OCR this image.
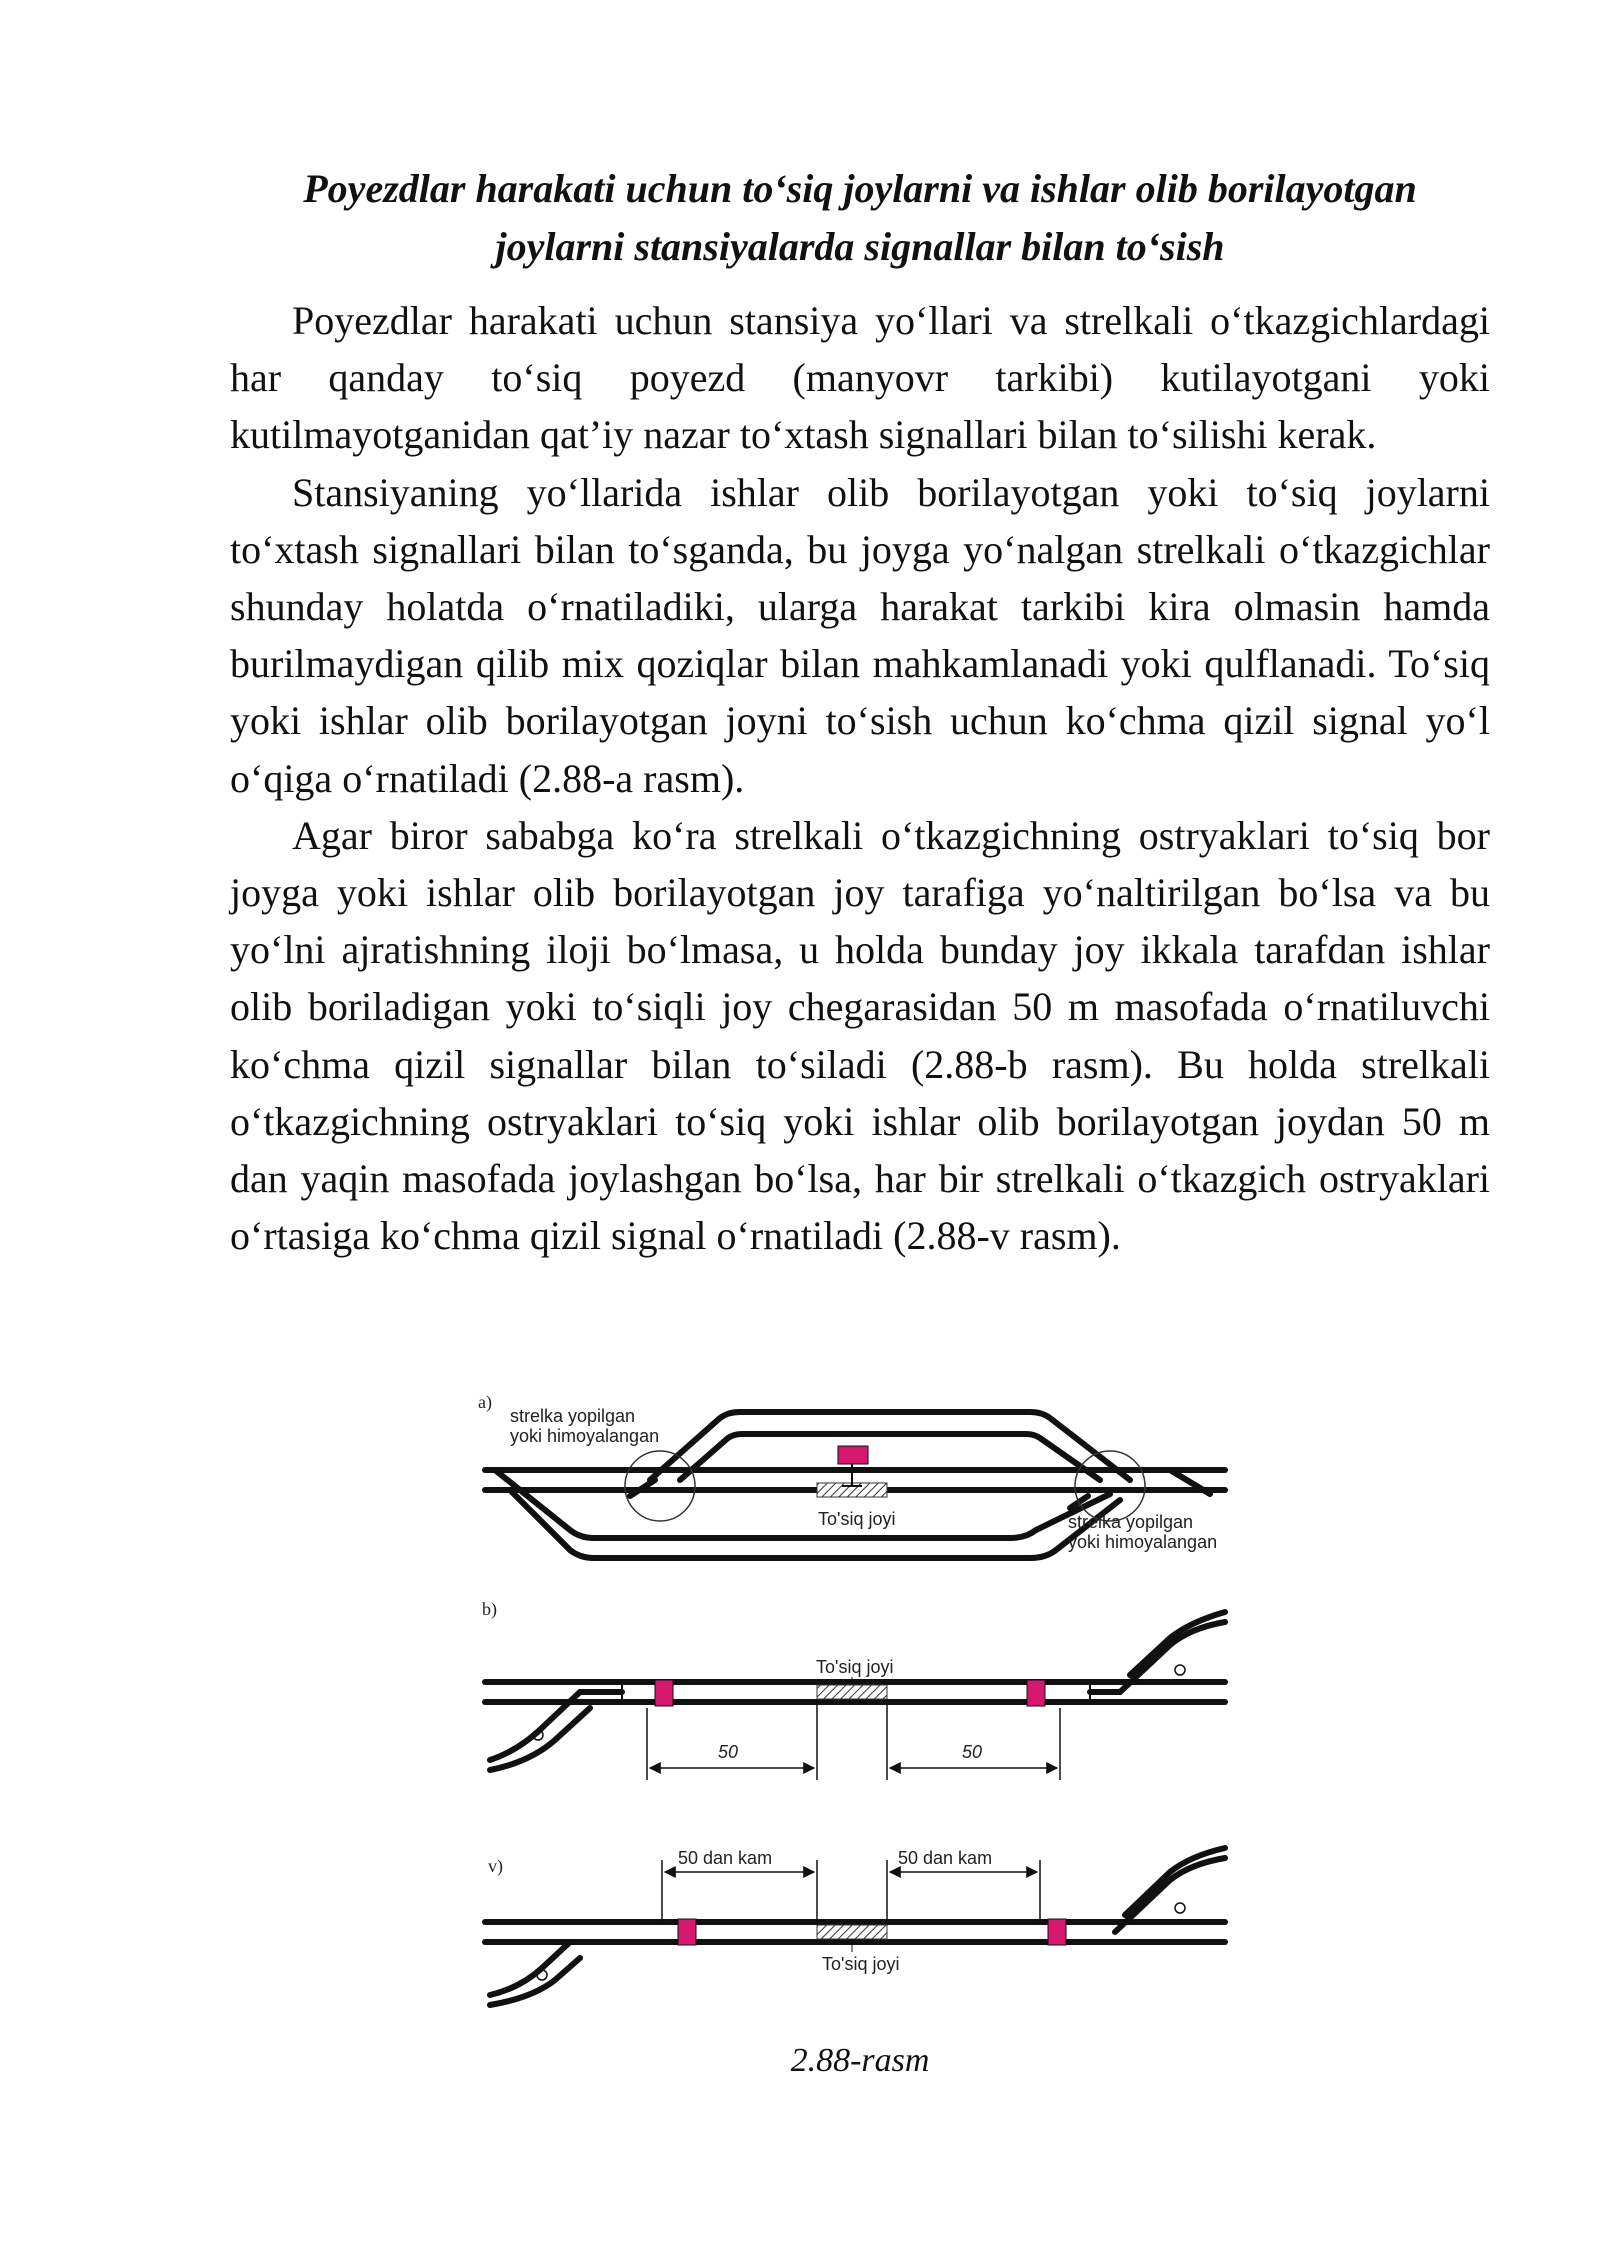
Poyezdlar harakati uchun to‘siq joylarni va ishlar olib borilayotgan
joylarni stansiyalarda signallar bilan to‘sish

Poyezdlar harakati uchun stansiya yo‘llari va strelkali o‘tkazgichlardagi har qanday to‘siq poyezd (manyovr tarkibi) kutilayotgani yoki kutilmayotganidan qat’iy nazar to‘xtash signallari bilan to‘silishi kerak.

Stansiyaning yo‘llarida ishlar olib borilayotgan yoki to‘siq joylarni to‘xtash signallari bilan to‘sganda, bu joyga yo‘nalgan strelkali o‘tkazgichlar shunday holatda o‘rnatiladiki, ularga harakat tarkibi kira olmasin hamda burilmaydigan qilib mix qoziqlar bilan mahkamlanadi yoki qulflanadi. To‘siq yoki ishlar olib borilayotgan joyni to‘sish uchun ko‘chma qizil signal yo‘l o‘qiga o‘rnatiladi (2.88-a rasm).

Agar biror sababga ko‘ra strelkali o‘tkazgichning ostryaklari to‘siq bor joyga yoki ishlar olib borilayotgan joy tarafiga yo‘naltirilgan bo‘lsa va bu yo‘lni ajratishning iloji bo‘lmasa, u holda bunday joy ikkala tarafdan ishlar olib boriladigan yoki to‘siqli joy chegarasidan 50 m masofada o‘rnatiluvchi ko‘chma qizil signallar bilan to‘siladi (2.88-b rasm). Bu holda strelkali o‘tkazgichning ostryaklari to‘siq yoki ishlar olib borilayotgan joydan 50 m dan yaqin masofada joylashgan bo‘lsa, har bir strelkali o‘tkazgich ostryaklari o‘rtasiga ko‘chma qizil signal o‘rnatiladi (2.88-v rasm).

a)
strelka yopilgan
yoki himoyalangan
To'siq joyi	strelka yopilgan
yoki himoyalangan
b)
To'siq joyi
50	50
v)
To'siq joyi
50 dan kam	50 dan kam
2.88-rasm
